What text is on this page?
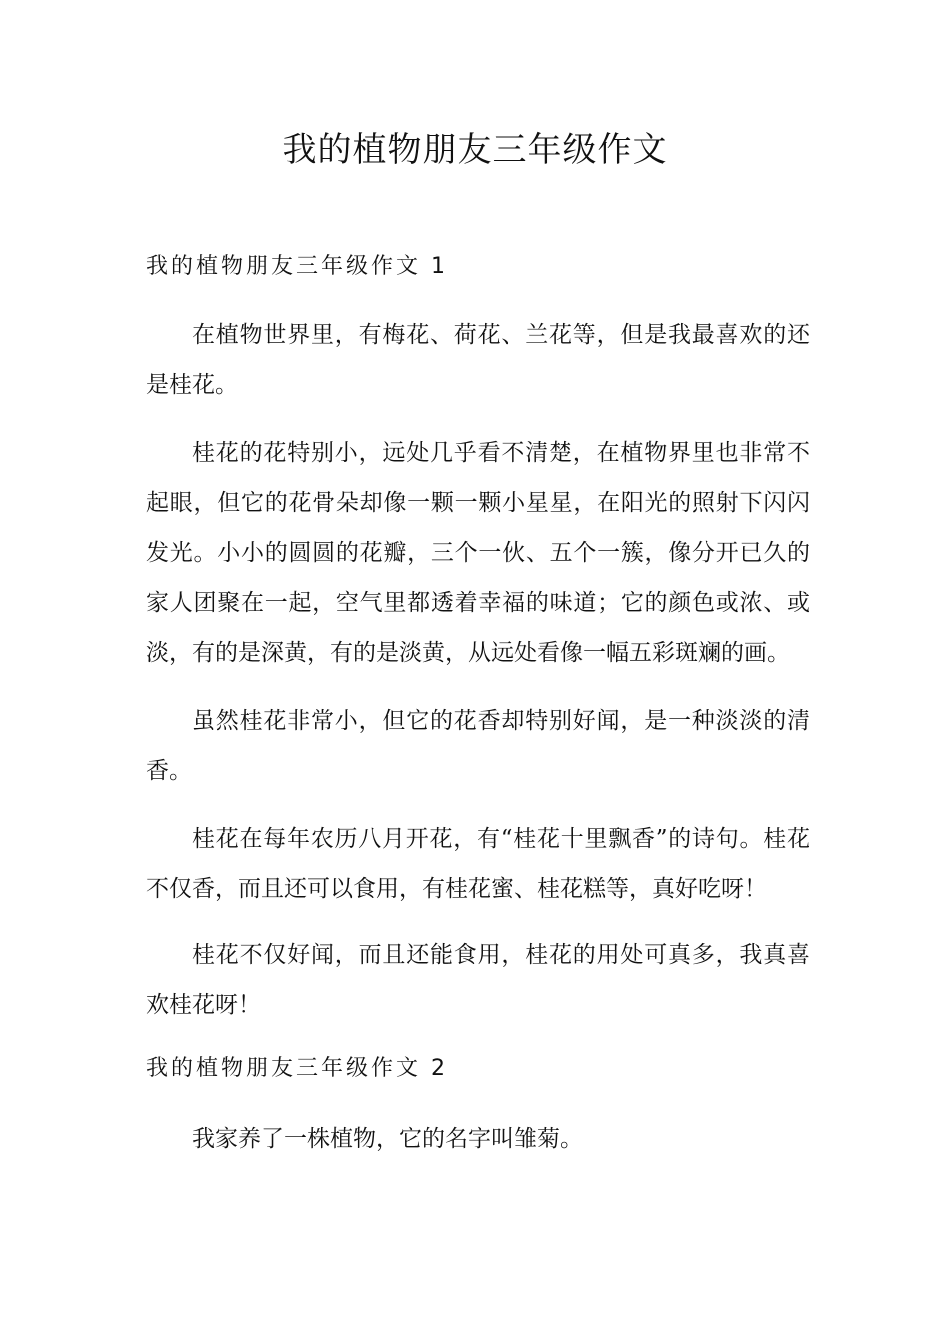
我的植物朋友三年级作文
我的植物朋友三年级作文 1

在植物世界里，有梅花、荷花、兰花等，但是我最喜欢的还是桂花。

桂花的花特别小，远处几乎看不清楚，在植物界里也非常不起眼，但它的花骨朵却像一颗一颗小星星，在阳光的照射下闪闪发光。小小的圆圆的花瓣，三个一伙、五个一簇，像分开已久的家人团聚在一起，空气里都透着幸福的味道；它的颜色或浓、或淡，有的是深黄，有的是淡黄，从远处看像一幅五彩斑斓的画。

虽然桂花非常小，但它的花香却特别好闻，是一种淡淡的清香。

桂花在每年农历八月开花，有“桂花十里飘香”的诗句。桂花不仅香，而且还可以食用，有桂花蜜、桂花糕等，真好吃呀！

桂花不仅好闻，而且还能食用，桂花的用处可真多，我真喜欢桂花呀！

我的植物朋友三年级作文 2

我家养了一株植物，它的名字叫雏菊。
